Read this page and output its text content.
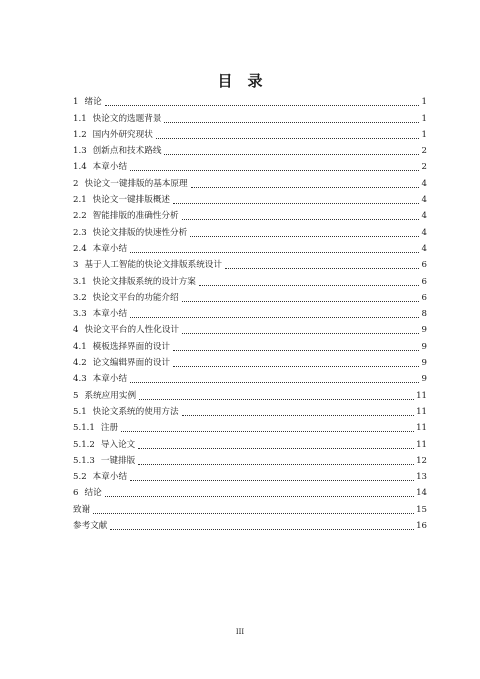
目　录
1 绪论	1
1.1 快论文的选题背景	1
1.2 国内外研究现状	1
1.3 创新点和技术路线	2
1.4 本章小结	2
2 快论文一键排版的基本原理	4
2.1 快论文一键排版概述	4
2.2 智能排版的准确性分析	4
2.3 快论文排版的快速性分析	4
2.4 本章小结	4
3 基于人工智能的快论文排版系统设计	6
3.1 快论文排版系统的设计方案	6
3.2 快论文平台的功能介绍	6
3.3 本章小结	8
4 快论文平台的人性化设计	9
4.1 模板选择界面的设计	9
4.2 论文编辑界面的设计	9
4.3 本章小结	9
5 系统应用实例	11
5.1 快论文系统的使用方法	11
5.1.1 注册	11
5.1.2 导入论文	11
5.1.3 一键排版	12
5.2 本章小结	13
6 结论	14
致谢	15
参考文献	16
III
